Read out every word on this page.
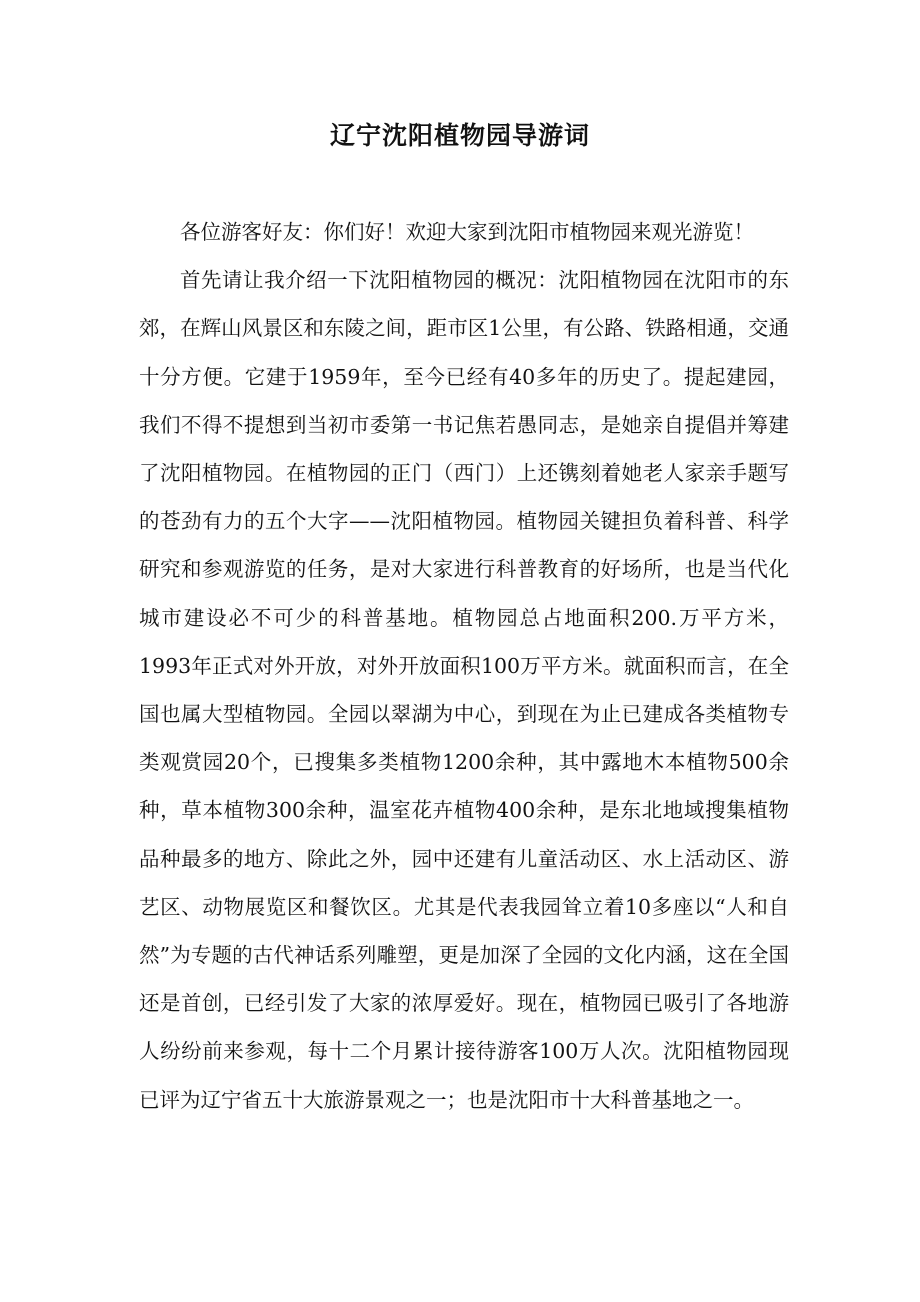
辽宁沈阳植物园导游词

各位游客好友：你们好！欢迎大家到沈阳市植物园来观光游览！

首先请让我介绍一下沈阳植物园的概况：沈阳植物园在沈阳市的东郊，在辉山风景区和东陵之间，距市区1公里，有公路、铁路相通，交通十分方便。它建于1959年，至今已经有40多年的历史了。提起建园，我们不得不提想到当初市委第一书记焦若愚同志，是她亲自提倡并筹建了沈阳植物园。在植物园的正门（西门）上还镌刻着她老人家亲手题写的苍劲有力的五个大字——沈阳植物园。植物园关键担负着科普、科学研究和参观游览的任务，是对大家进行科普教育的好场所，也是当代化城市建设必不可少的科普基地。植物园总占地面积200.万平方米，1993年正式对外开放，对外开放面积100万平方米。就面积而言，在全国也属大型植物园。全园以翠湖为中心，到现在为止已建成各类植物专类观赏园20个，已搜集多类植物1200余种，其中露地木本植物500余种，草本植物300余种，温室花卉植物400余种，是东北地域搜集植物品种最多的地方、除此之外，园中还建有儿童活动区、水上活动区、游艺区、动物展览区和餐饮区。尤其是代表我园耸立着10多座以“人和自然”为专题的古代神话系列雕塑，更是加深了全园的文化内涵，这在全国还是首创，已经引发了大家的浓厚爱好。现在，植物园已吸引了各地游人纷纷前来参观，每十二个月累计接待游客100万人次。沈阳植物园现已评为辽宁省五十大旅游景观之一；也是沈阳市十大科普基地之一。
